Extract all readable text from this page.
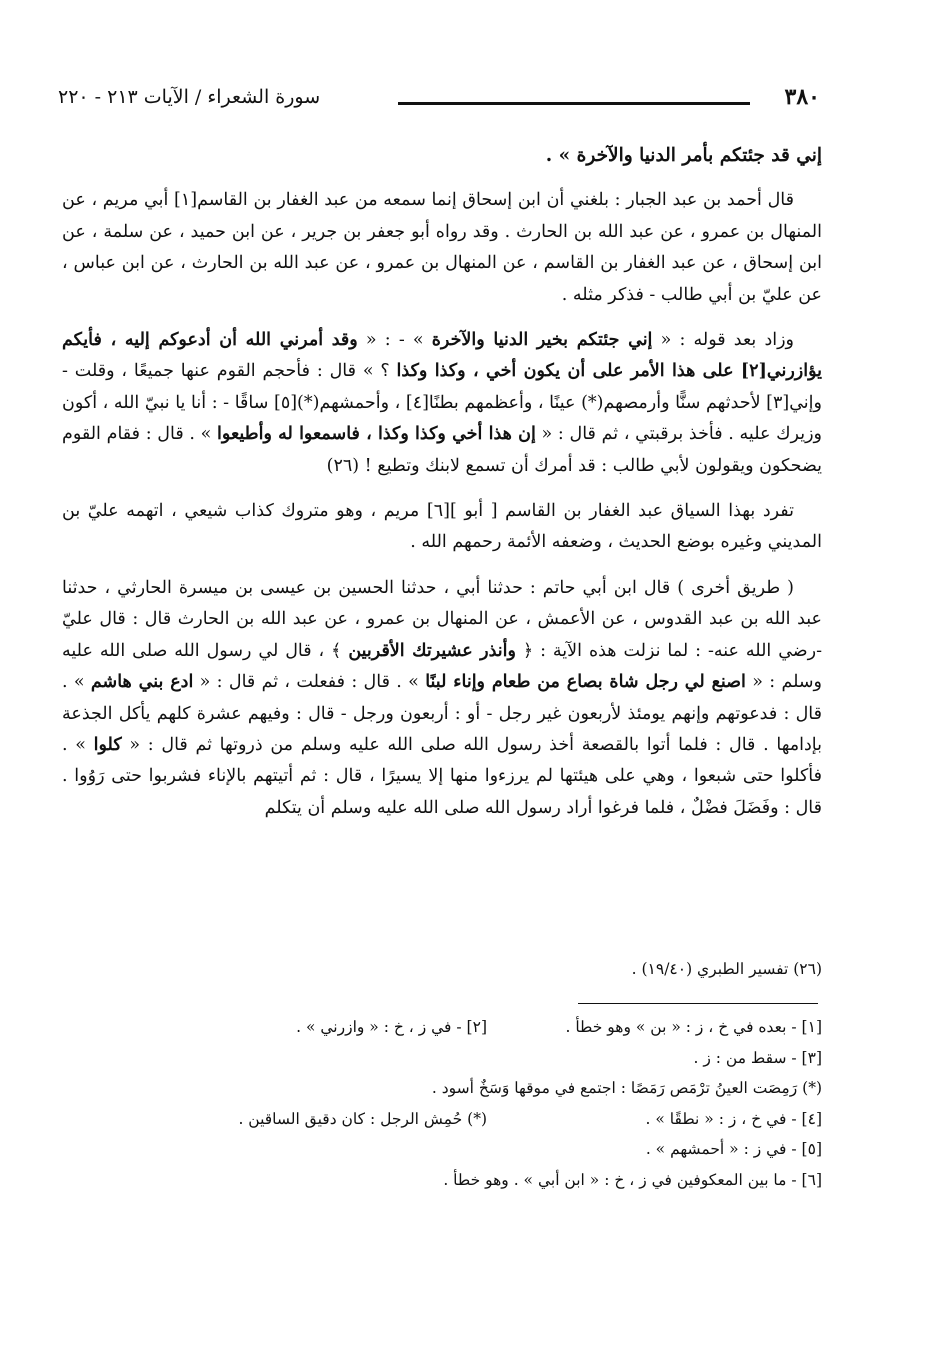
٣٨٠
سورة الشعراء / الآيات ٢١٣ - ٢٢٠
إني قد جئتكم بأمر الدنيا والآخرة » .

قال أحمد بن عبد الجبار : بلغني أن ابن إسحاق إنما سمعه من عبد الغفار بن القاسم[١] أبي مريم ، عن المنهال بن عمرو ، عن عبد الله بن الحارث . وقد رواه أبو جعفر بن جرير ، عن ابن حميد ، عن سلمة ، عن ابن إسحاق ، عن عبد الغفار بن القاسم ، عن المنهال بن عمرو ، عن عبد الله بن الحارث ، عن ابن عباس ، عن عليّ بن أبي طالب - فذكر مثله .

وزاد بعد قوله : « إني جئتكم بخير الدنيا والآخرة » - : « وقد أمرني الله أن أدعوكم إليه ، فأيكم يؤازرني[٢] على هذا الأمر على أن يكون أخي ، وكذا وكذا ؟ » قال : فأحجم القوم عنها جميعًا ، وقلت - وإني[٣] لأحدثهم سنًّا وأرمصهم(*) عينًا ، وأعظمهم بطنًا[٤] ، وأحمشهم(*)[٥] ساقًا - : أنا يا نبيّ الله ، أكون وزيرك عليه . فأخذ برقبتي ، ثم قال : « إن هذا أخي وكذا وكذا ، فاسمعوا له وأطيعوا » . قال : فقام القوم يضحكون ويقولون لأبي طالب : قد أمرك أن تسمع لابنك وتطيع ! (٢٦)

تفرد بهذا السياق عبد الغفار بن القاسم [ أبو ][٦] مريم ، وهو متروك كذاب شيعي ، اتهمه عليّ بن المديني وغيره بوضع الحديث ، وضعفه الأئمة رحمهم الله .

( طريق أخرى ) قال ابن أبي حاتم : حدثنا أبي ، حدثنا الحسين بن عيسى بن ميسرة الحارثي ، حدثنا عبد الله بن عبد القدوس ، عن الأعمش ، عن المنهال بن عمرو ، عن عبد الله بن الحارث قال : قال عليّ -رضي الله عنه- : لما نزلت هذه الآية : ﴿ وأنذر عشيرتك الأقربين ﴾ ، قال لي رسول الله صلى الله عليه وسلم : « اصنع لي رجل شاة بصاع من طعام وإناء لبنًا » . قال : ففعلت ، ثم قال : « ادع بني هاشم » . قال : فدعوتهم وإنهم يومئذ لأربعون غير رجل - أو : أربعون ورجل - قال : وفيهم عشرة كلهم يأكل الجذعة بإدامها . قال : فلما أتوا بالقصعة أخذ رسول الله صلى الله عليه وسلم من ذروتها ثم قال : « كلوا » . فأكلوا حتى شبعوا ، وهي على هيئتها لم يرزءوا منها إلا يسيرًا ، قال : ثم أتيتهم بالإناء فشربوا حتى رَوُوا . قال : وفَضَلَ فضْلٌ ، فلما فرغوا أراد رسول الله صلى الله عليه وسلم أن يتكلم

(٢٦) تفسير الطبري (١٩/٤٠) .
[١] - بعده في خ ، ز : « بن » وهو خطأ .
[٢] - في ز ، خ : « وازرني » .
[٣] - سقط من : ز .
(*) رَمِصَت العينُ ترْمَص رَمَصًا : اجتمع في موقها وَسَخٌ أسود .
[٤] - في خ ، ز : « نطقًا » .
(*) حُمِش الرجل : كان دقيق الساقين .
[٥] - في ز : « أحمشهم » .
[٦] - ما بين المعكوفين في ز ، خ : « ابن أبي » . وهو خطأ .
